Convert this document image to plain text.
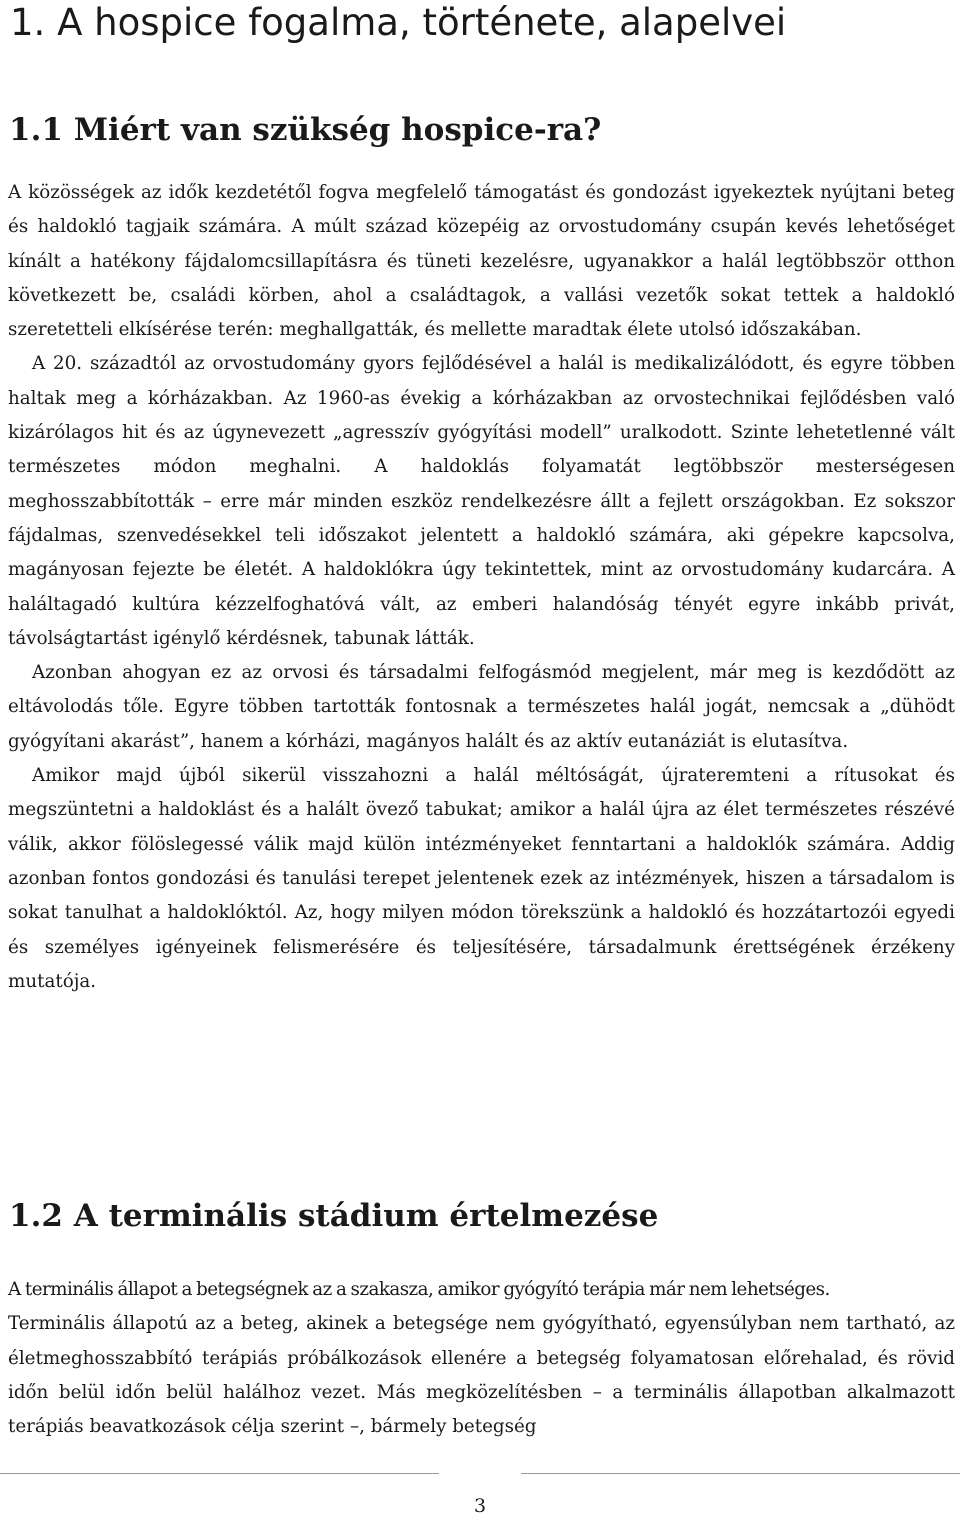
1. A hospice fogalma, története, alapelvei
1.1 Miért van szükség hospice-ra?

A közösségek az idők kezdetétől fogva megfelelő támogatást és gondozást igyekeztek nyújtani beteg és haldokló tagjaik számára. A múlt század közepéig az orvostudomány csupán kevés lehetőséget kínált a hatékony fájdalomcsillapításra és tüneti kezelésre, ugyanakkor a halál legtöbbször otthon következett be, családi körben, ahol a családtagok, a vallási vezetők sokat tettek a haldokló szeretetteli elkísérése terén: meghallgatták, és mellette maradtak élete utolsó időszakában.

A 20. századtól az orvostudomány gyors fejlődésével a halál is medikalizálódott, és egyre többen haltak meg a kórházakban. Az 1960-as évekig a kórházakban az orvostechnikai fejlődésben való kizárólagos hit és az úgynevezett „agresszív gyógyítási modell” uralkodott. Szinte lehetetlenné vált természetes módon meghalni. A haldoklás folyamatát legtöbbször mesterségesen meghosszabbították – erre már minden eszköz rendelkezésre állt a fejlett országokban. Ez sokszor fájdalmas, szenvedésekkel teli időszakot jelentett a haldokló számára, aki gépekre kapcsolva, magányosan fejezte be életét. A haldoklókra úgy tekintettek, mint az orvostudomány kudarcára. A haláltagadó kultúra kézzelfoghatóvá vált, az emberi halandóság tényét egyre inkább privát, távolságtartást igénylő kérdésnek, tabunak látták.

Azonban ahogyan ez az orvosi és társadalmi felfogásmód megjelent, már meg is kezdődött az eltávolodás tőle. Egyre többen tartották fontosnak a természetes halál jogát, nemcsak a „dühödt gyógyítani akarást”, hanem a kórházi, magányos halált és az aktív eutanáziát is elutasítva.

Amikor majd újból sikerül visszahozni a halál méltóságát, újrateremteni a rítusokat és megszüntetni a haldoklást és a halált övező tabukat; amikor a halál újra az élet természetes részévé válik, akkor fölöslegessé válik majd külön intézményeket fenntartani a haldoklók számára. Addig azonban fontos gondozási és tanulási terepet jelentenek ezek az intézmények, hiszen a társadalom is sokat tanulhat a haldoklóktól. Az, hogy milyen módon törekszünk a haldokló és hozzátartozói egyedi és személyes igényeinek felismerésére és teljesítésére, társadalmunk érettségének érzékeny mutatója.

1.2 A terminális stádium értelmezése

A terminális állapot a betegségnek az a szakasza, amikor gyógyító terápia már nem lehetséges.

Terminális állapotú az a beteg, akinek a betegsége nem gyógyítható, egyensúlyban nem tartható, az életmeghosszabbító terápiás próbálkozások ellenére a betegség folyamatosan előrehalad, és rövid időn belül időn belül halálhoz vezet. Más megközelítésben – a terminális állapotban alkalmazott terápiás beavatkozások célja szerint –, bármely betegség

3
